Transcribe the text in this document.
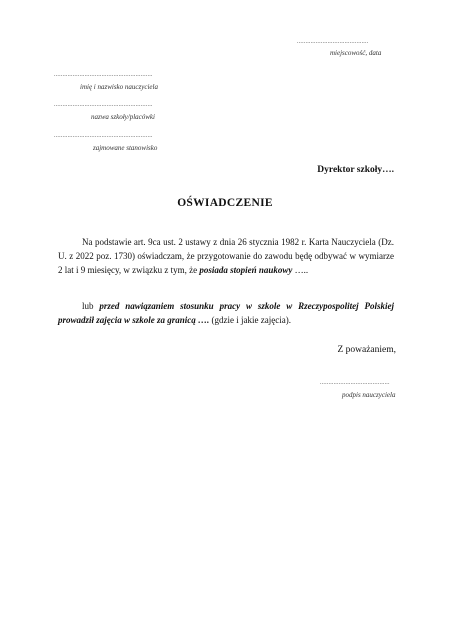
..........................................
miejscowość, data
..........................................................
imię i nazwisko nauczyciela
..........................................................
nazwa szkoły/placówki
..........................................................
zajmowane stanowisko
Dyrektor szkoły….
OŚWIADCZENIE
Na podstawie art. 9ca ust. 2 ustawy z dnia 26 stycznia 1982 r. Karta Nauczyciela (Dz. U. z 2022 poz. 1730) oświadczam, że przygotowanie do zawodu będę odbywać w wymiarze 2 lat i 9 miesięcy, w związku z tym, że posiada stopień naukowy …..
lub przed nawiązaniem stosunku pracy w szkole w Rzeczypospolitej Polskiej prowadził zajęcia w szkole za granicą …. (gdzie i jakie zajęcia).
Z poważaniem,
.........................................
podpis nauczyciela
